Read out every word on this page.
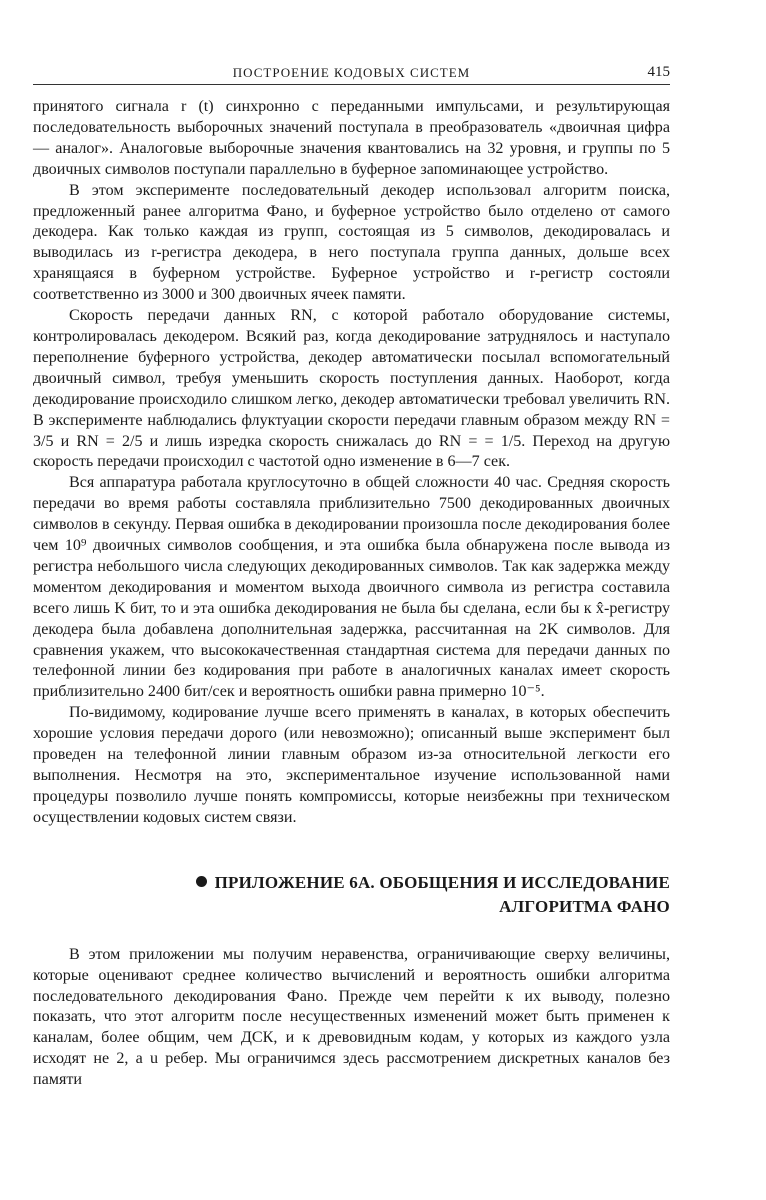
ПОСТРОЕНИЕ КОДОВЫХ СИСТЕМ	415

принятого сигнала r (t) синхронно с переданными импульсами, и результирующая последовательность выборочных значений поступала в преобразователь «двоичная цифра — аналог». Аналоговые выборочные значения квантовались на 32 уровня, и группы по 5 двоичных символов поступали параллельно в буферное запоминающее устройство.

В этом эксперименте последовательный декодер использовал алгоритм поиска, предложенный ранее алгоритма Фано, и буферное устройство было отделено от самого декодера. Как только каждая из групп, состоящая из 5 символов, декодировалась и выводилась из r-регистра декодера, в него поступала группа данных, дольше всех хранящаяся в буферном устройстве. Буферное устройство и r-регистр состояли соответственно из 3000 и 300 двоичных ячеек памяти.

Скорость передачи данных RN, с которой работало оборудование системы, контролировалась декодером. Всякий раз, когда декодирование затруднялось и наступало переполнение буферного устройства, декодер автоматически посылал вспомогательный двоичный символ, требуя уменьшить скорость поступления данных. Наоборот, когда декодирование происходило слишком легко, декодер автоматически требовал увеличить RN. В эксперименте наблюдались флуктуации скорости передачи главным образом между RN = 3/5 и RN = 2/5 и лишь изредка скорость снижалась до RN = = 1/5. Переход на другую скорость передачи происходил с частотой одно изменение в 6—7 сек.

Вся аппаратура работала круглосуточно в общей сложности 40 час. Средняя скорость передачи во время работы составляла приблизительно 7500 декодированных двоичных символов в секунду. Первая ошибка в декодировании произошла после декодирования более чем 10⁹ двоичных символов сообщения, и эта ошибка была обнаружена после вывода из регистра небольшого числа следующих декодированных символов. Так как задержка между моментом декодирования и моментом выхода двоичного символа из регистра составила всего лишь K бит, то и эта ошибка декодирования не была бы сделана, если бы к x̂-регистру декодера была добавлена дополнительная задержка, рассчитанная на 2K символов. Для сравнения укажем, что высококачественная стандартная система для передачи данных по телефонной линии без кодирования при работе в аналогичных каналах имеет скорость приблизительно 2400 бит/сек и вероятность ошибки равна примерно 10⁻⁵.

По-видимому, кодирование лучше всего применять в каналах, в которых обеспечить хорошие условия передачи дорого (или невозможно); описанный выше эксперимент был проведен на телефонной линии главным образом из-за относительной легкости его выполнения. Несмотря на это, экспериментальное изучение использованной нами процедуры позволило лучше понять компромиссы, которые неизбежны при техническом осуществлении кодовых систем связи.

ПРИЛОЖЕНИЕ 6А. ОБОБЩЕНИЯ И ИССЛЕДОВАНИЕ
АЛГОРИТМА ФАНО

В этом приложении мы получим неравенства, ограничивающие сверху величины, которые оценивают среднее количество вычислений и вероятность ошибки алгоритма последовательного декодирования Фано. Прежде чем перейти к их выводу, полезно показать, что этот алгоритм после несущественных изменений может быть применен к каналам, более общим, чем ДСК, и к древовидным кодам, у которых из каждого узла исходят не 2, а u ребер. Мы ограничимся здесь рассмотрением дискретных каналов без памяти
